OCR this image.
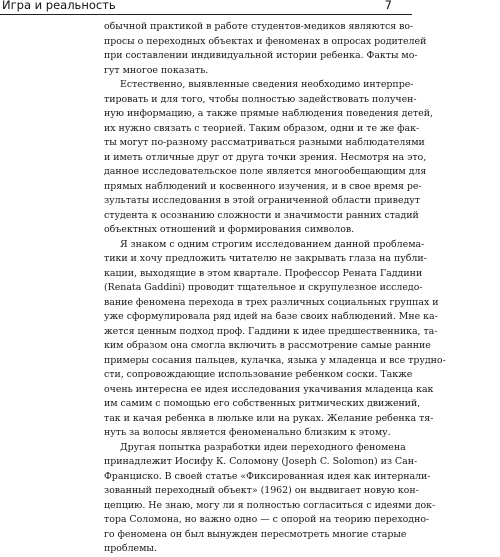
Игра и реальность	7
обычной практикой в работе студентов-медиков являются во-
просы о переходных объектах и феноменах в опросах родителей
при составлении индивидуальной истории ребенка. Факты мо-
гут многое показать.
Естественно, выявленные сведения необходимо интерпре-
тировать и для того, чтобы полностью задействовать получен-
ную информацию, а также прямые наблюдения поведения детей,
их нужно связать с теорией. Таким образом, одни и те же фак-
ты могут по-разному рассматриваться разными наблюдателями
и иметь отличные друг от друга точки зрения. Несмотря на это,
данное исследовательское поле является многообещающим для
прямых наблюдений и косвенного изучения, и в свое время ре-
зультаты исследования в этой ограниченной области приведут
студента к осознанию сложности и значимости ранних стадий
объектных отношений и формирования символов.
Я знаком с одним строгим исследованием данной проблема-
тики и хочу предложить читателю не закрывать глаза на публи-
кации, выходящие в этом квартале. Профессор Рената Гаддини
(Renata Gaddini) проводит тщательное и скрупулезное исследо-
вание феномена перехода в трех различных социальных группах и
уже сформулировала ряд идей на базе своих наблюдений. Мне ка-
жется ценным подход проф. Гаддини к идее предшественника, та-
ким образом она смогла включить в рассмотрение самые ранние
примеры сосания пальцев, кулачка, языка у младенца и все трудно-
сти, сопровождающие использование ребенком соски. Также
очень интересна ее идея исследования укачивания младенца как
им самим с помощью его собственных ритмических движений,
так и качая ребенка в люльке или на руках. Желание ребенка тя-
нуть за волосы является феноменально близким к этому.
Другая попытка разработки идеи переходного феномена
принадлежит Иосифу К. Соломону (Joseph C. Solomon) из Сан-
Франциско. В своей статье «Фиксированная идея как интернали-
зованный переходный объект» (1962) он выдвигает новую кон-
цепцию. Не знаю, могу ли я полностью согласиться с идеями док-
тора Соломона, но важно одно — с опорой на теорию переходно-
го феномена он был вынужден пересмотреть многие старые
проблемы.
